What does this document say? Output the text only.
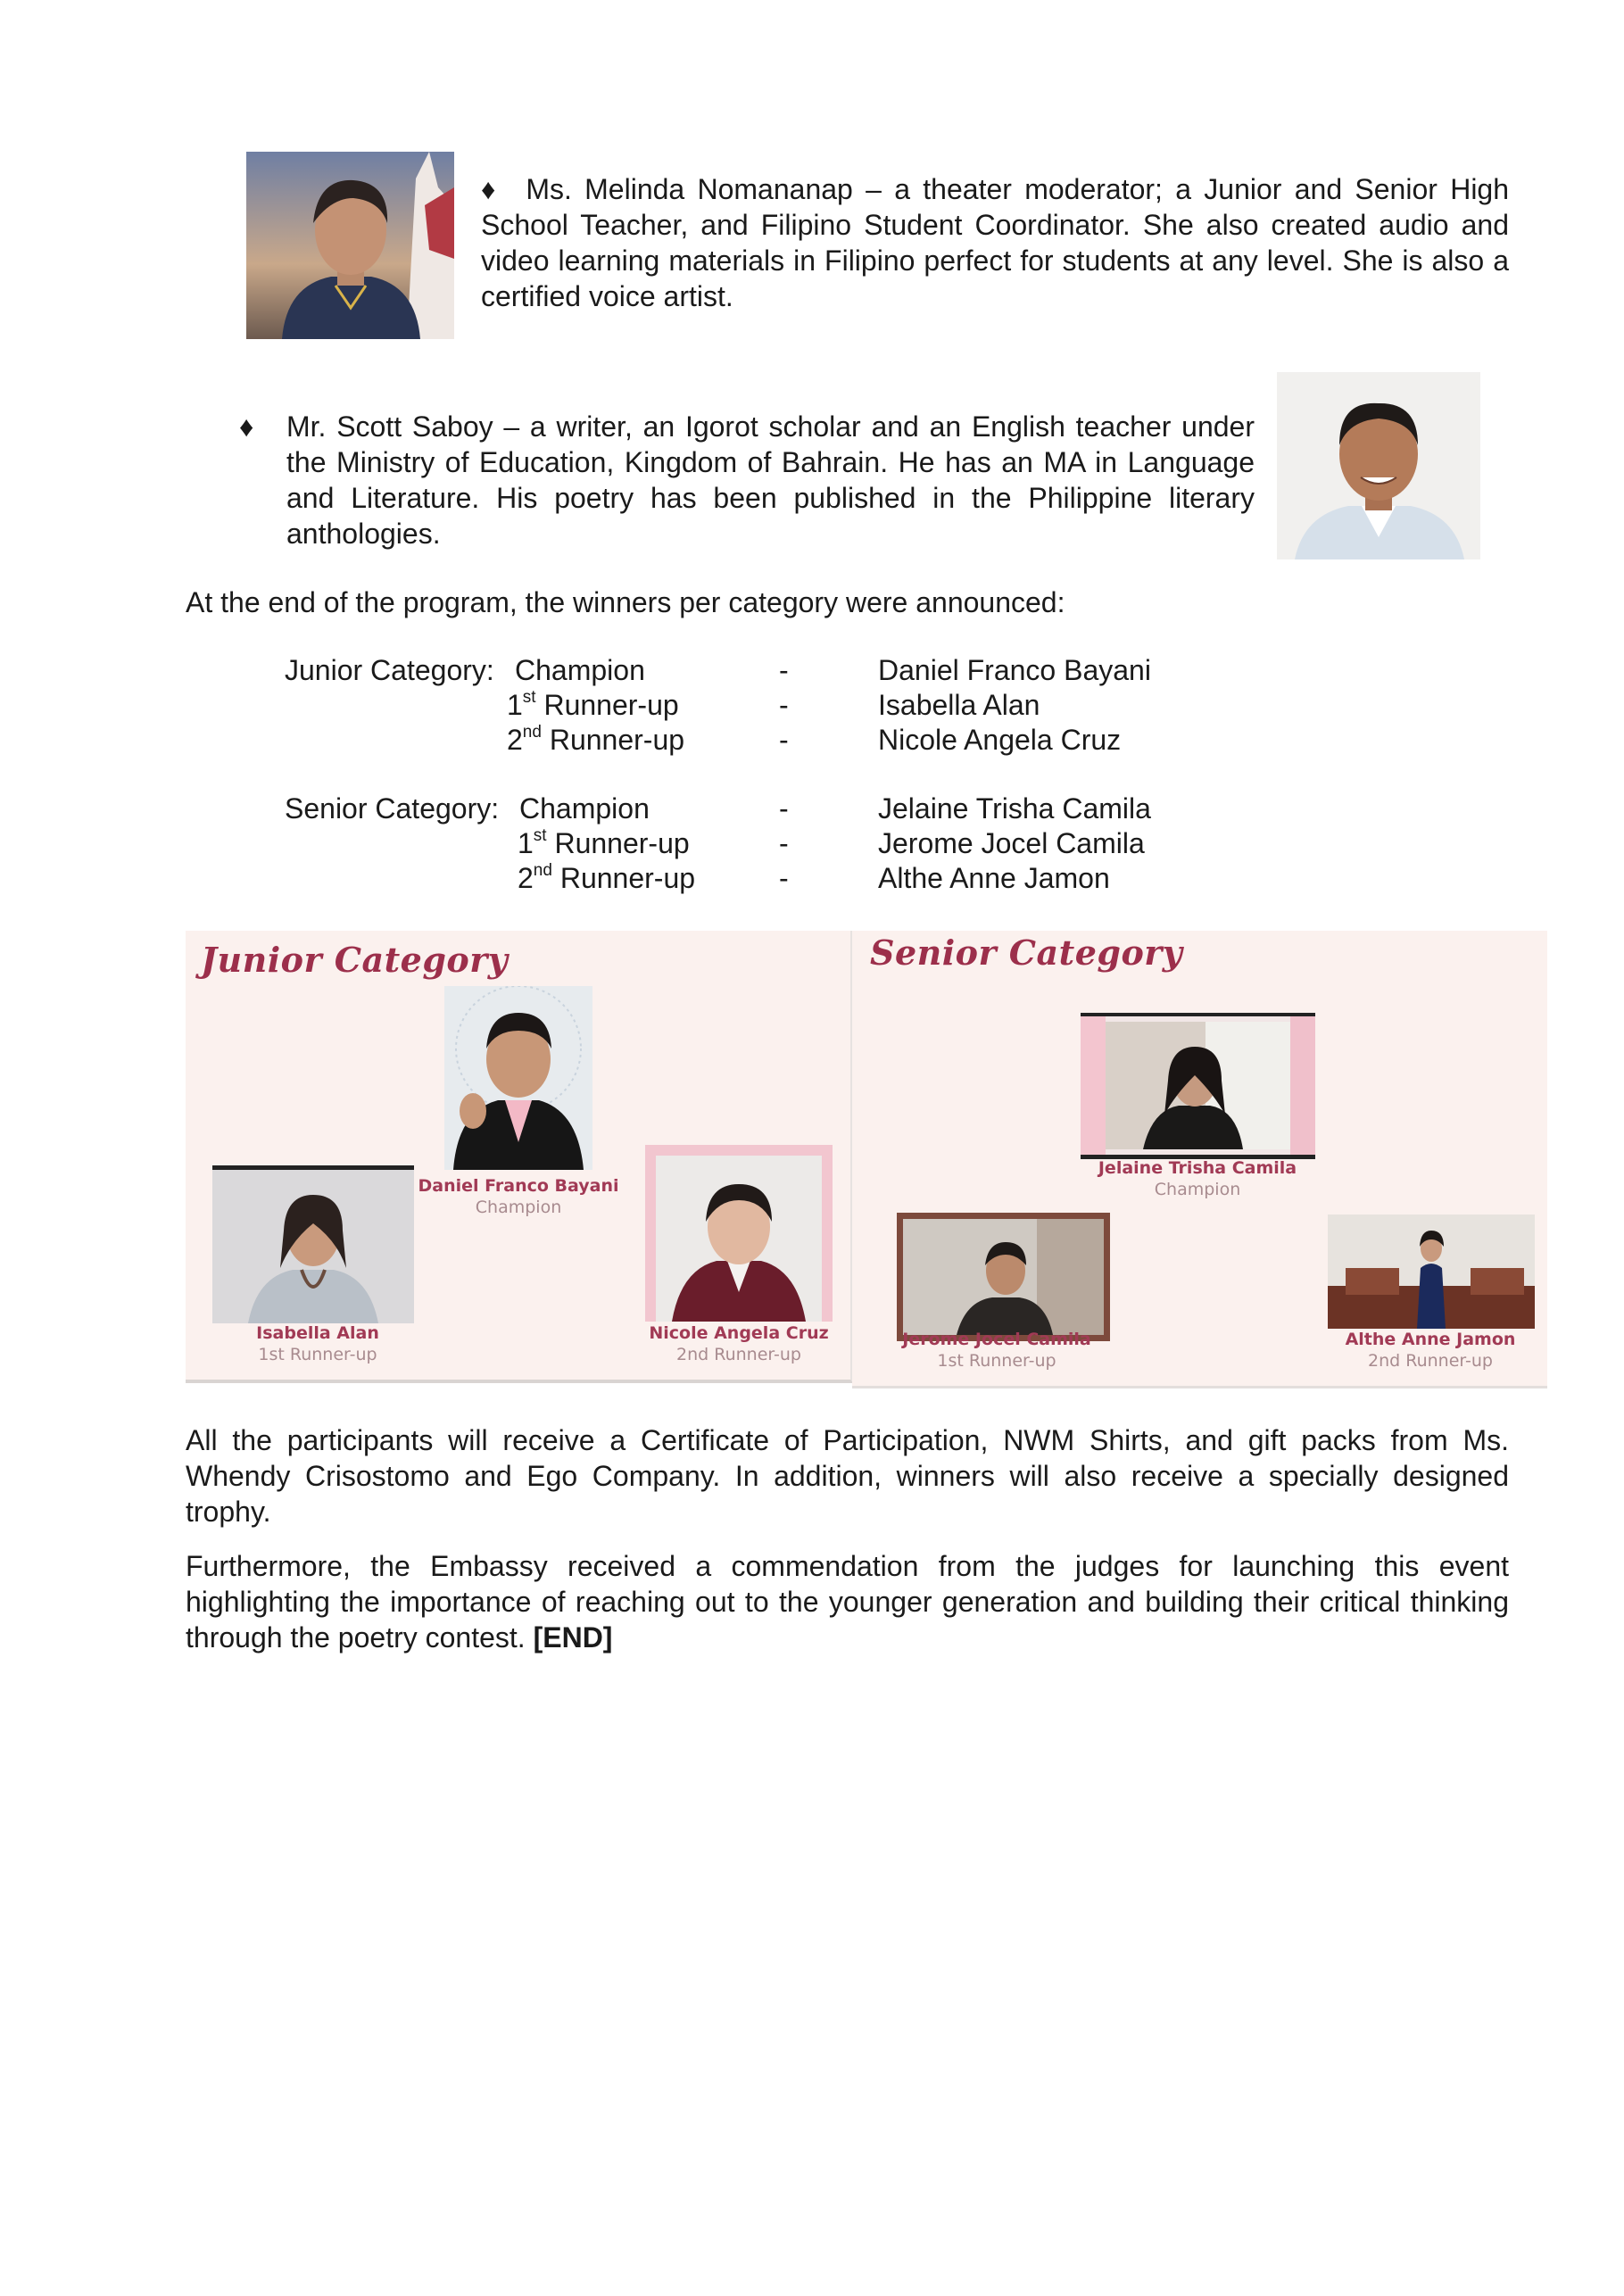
♦ Ms. Melinda Nomananap – a theater moderator; a Junior and Senior High School Teacher, and Filipino Student Coordinator. She also created audio and video learning materials in Filipino perfect for students at any level. She is also a certified voice artist.
♦ Mr. Scott Saboy – a writer, an Igorot scholar and an English teacher under the Ministry of Education, Kingdom of Bahrain. He has an MA in Language and Literature. His poetry has been published in the Philippine literary anthologies.
At the end of the program, the winners per category were announced:
Junior Category: Champion	-	Daniel Franco Bayani
1st Runner-up	-	Isabella Alan
2nd Runner-up	-	Nicole Angela Cruz
Senior Category: Champion	-	Jelaine Trisha Camila
1st Runner-up	-	Jerome Jocel Camila
2nd Runner-up	-	Althe Anne Jamon
Junior Category
Daniel Franco Bayani
Champion
Isabella Alan
1st Runner-up
Nicole Angela Cruz
2nd Runner-up
Senior Category
Jelaine Trisha Camila
Champion
Jerome Jocel Camila
1st Runner-up
Althe Anne Jamon
2nd Runner-up
All the participants will receive a Certificate of Participation, NWM Shirts, and gift packs from Ms. Whendy Crisostomo and Ego Company. In addition, winners will also receive a specially designed trophy.
Furthermore, the Embassy received a commendation from the judges for launching this event highlighting the importance of reaching out to the younger generation and building their critical thinking through the poetry contest. [END]
